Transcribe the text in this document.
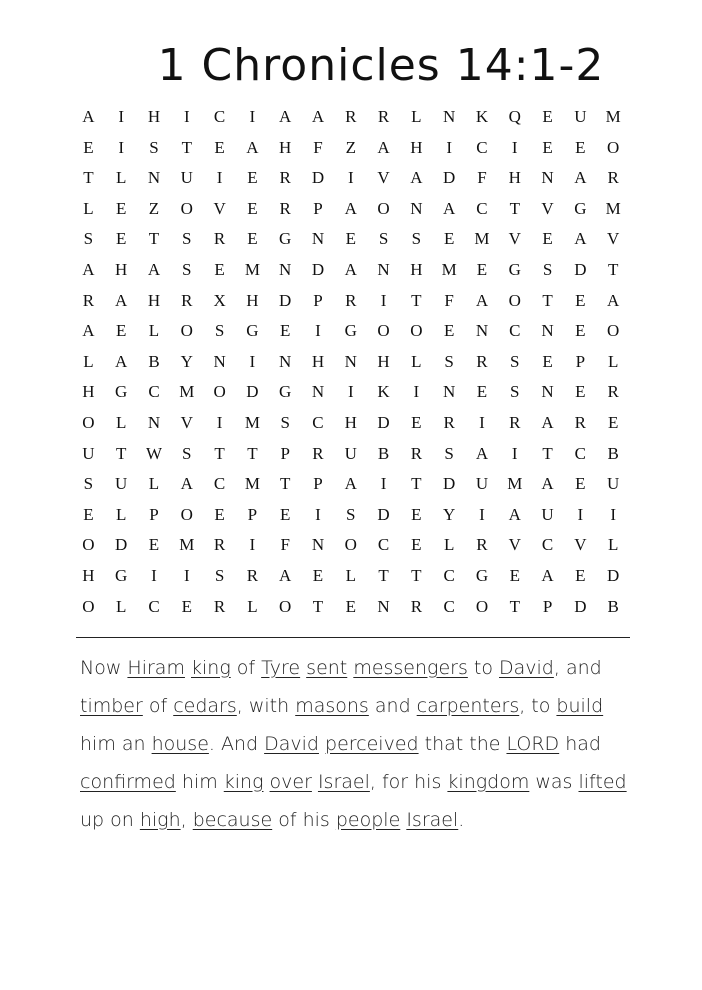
1 Chronicles 14:1-2
A	I	H	I	C	I	A	A	R	R	L	N	K	Q	E	U	M
E	I	S	T	E	A	H	F	Z	A	H	I	C	I	E	E	O
T	L	N	U	I	E	R	D	I	V	A	D	F	H	N	A	R
L	E	Z	O	V	E	R	P	A	O	N	A	C	T	V	G	M
S	E	T	S	R	E	G	N	E	S	S	E	M	V	E	A	V
A	H	A	S	E	M	N	D	A	N	H	M	E	G	S	D	T
R	A	H	R	X	H	D	P	R	I	T	F	A	O	T	E	A
A	E	L	O	S	G	E	I	G	O	O	E	N	C	N	E	O
L	A	B	Y	N	I	N	H	N	H	L	S	R	S	E	P	L
H	G	C	M	O	D	G	N	I	K	I	N	E	S	N	E	R
O	L	N	V	I	M	S	C	H	D	E	R	I	R	A	R	E
U	T	W	S	T	T	P	R	U	B	R	S	A	I	T	C	B
S	U	L	A	C	M	T	P	A	I	T	D	U	M	A	E	U
E	L	P	O	E	P	E	I	S	D	E	Y	I	A	U	I	I
O	D	E	M	R	I	F	N	O	C	E	L	R	V	C	V	L
H	G	I	I	S	R	A	E	L	T	T	C	G	E	A	E	D
O	L	C	E	R	L	O	T	E	N	R	C	O	T	P	D	B
Now Hiram king of Tyre sent messengers to David, and timber of cedars, with masons and carpenters, to build him an house. And David perceived that the LORD had confirmed him king over Israel, for his kingdom was lifted up on high, because of his people Israel.
